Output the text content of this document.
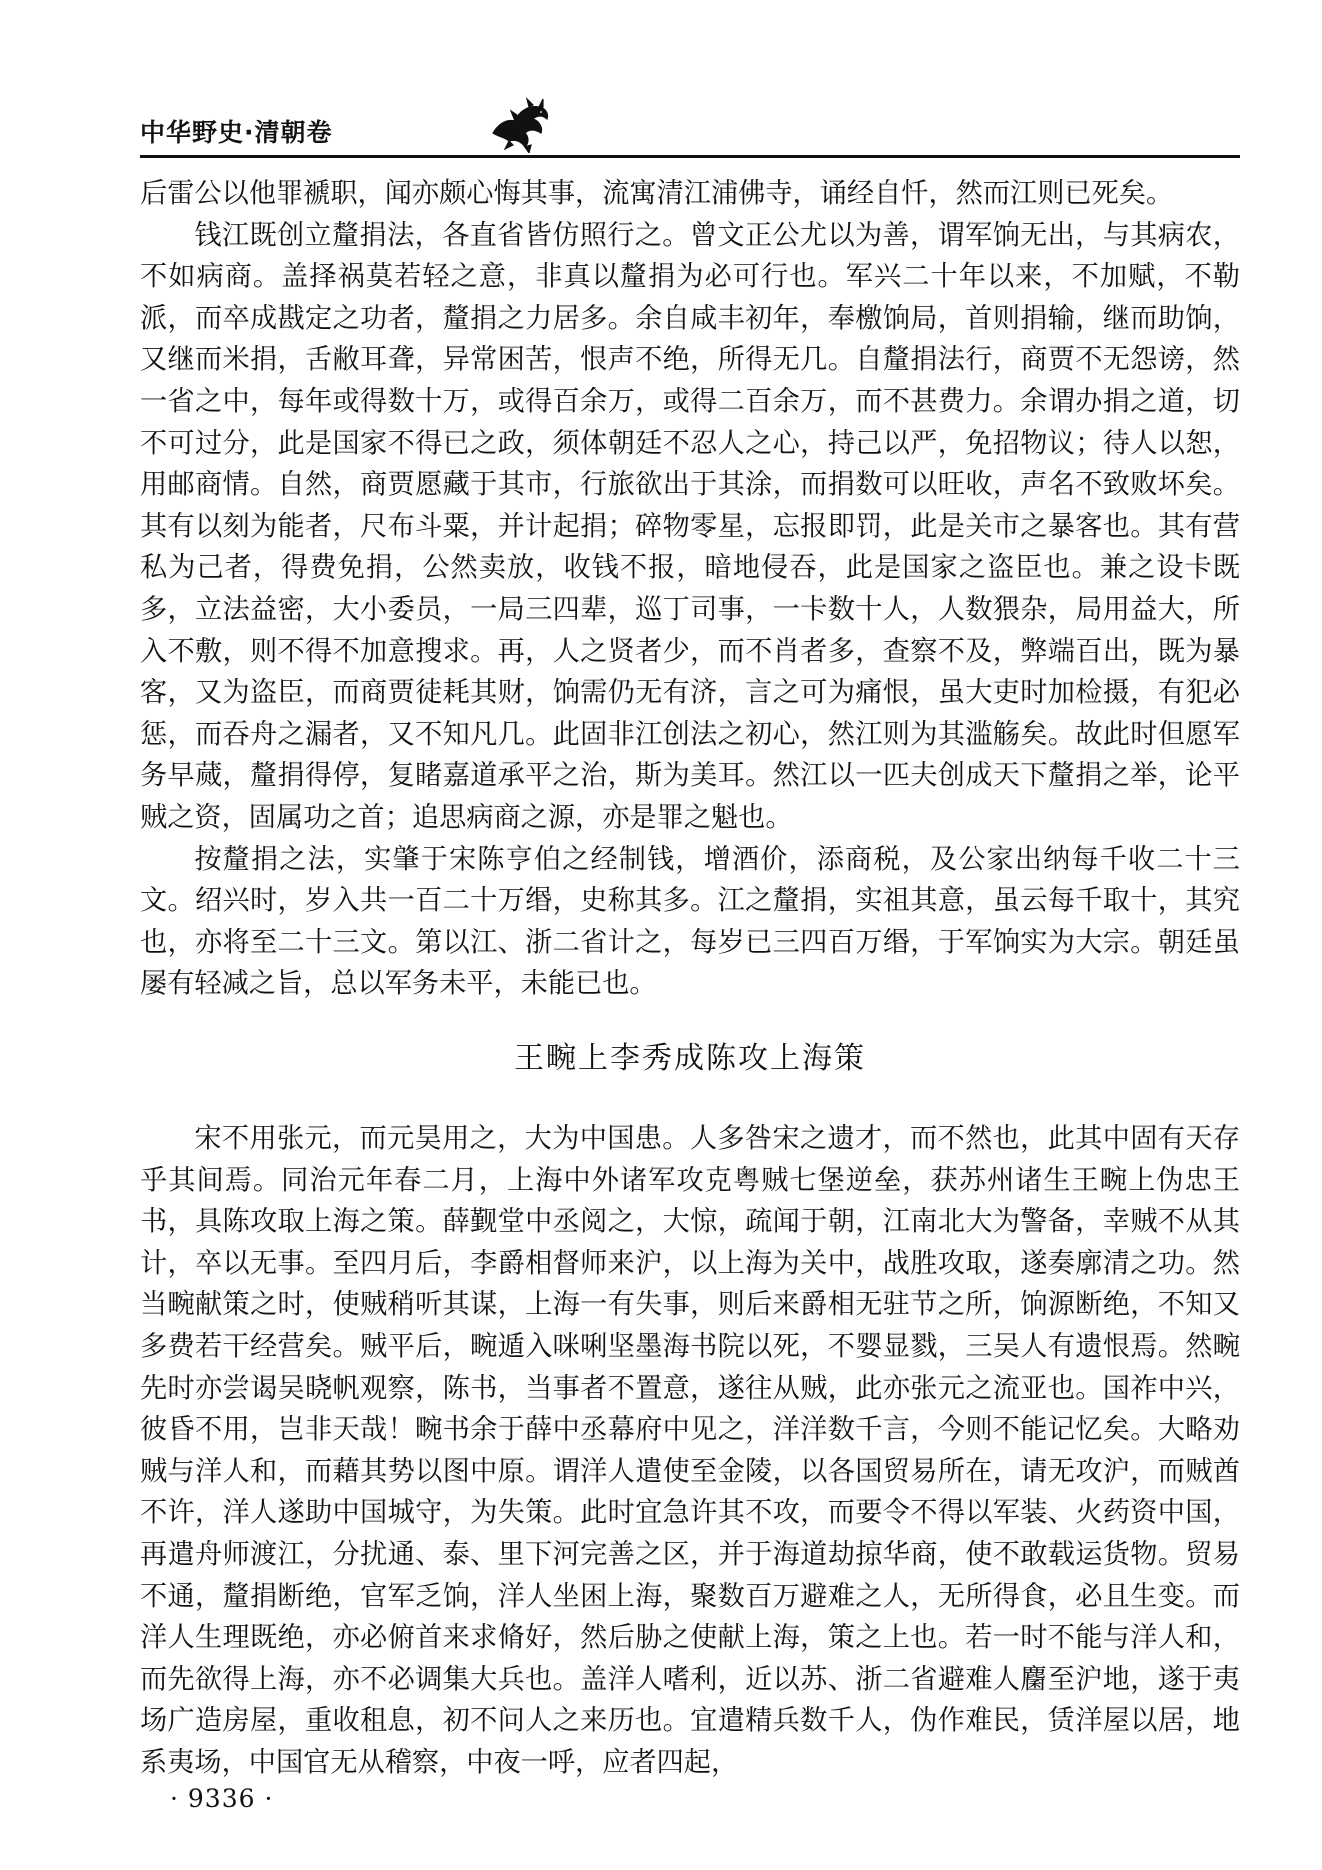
中华野史·清朝卷

后雷公以他罪褫职，闻亦颇心悔其事，流寓清江浦佛寺，诵经自忏，然而江则已死矣。

钱江既创立釐捐法，各直省皆仿照行之。曾文正公尤以为善，谓军饷无出，与其病农，不如病商。盖择祸莫若轻之意，非真以釐捐为必可行也。军兴二十年以来，不加赋，不勒派，而卒成戡定之功者，釐捐之力居多。余自咸丰初年，奉檄饷局，首则捐输，继而助饷，又继而米捐，舌敝耳聋，异常困苦，恨声不绝，所得无几。自釐捐法行，商贾不无怨谤，然一省之中，每年或得数十万，或得百余万，或得二百余万，而不甚费力。余谓办捐之道，切不可过分，此是国家不得已之政，须体朝廷不忍人之心，持己以严，免招物议；待人以恕，用邮商情。自然，商贾愿藏于其市，行旅欲出于其涂，而捐数可以旺收，声名不致败坏矣。其有以刻为能者，尺布斗粟，并计起捐；碎物零星，忘报即罚，此是关市之暴客也。其有营私为己者，得费免捐，公然卖放，收钱不报，暗地侵吞，此是国家之盗臣也。兼之设卡既多，立法益密，大小委员，一局三四辈，巡丁司事，一卡数十人，人数猥杂，局用益大，所入不敷，则不得不加意搜求。再，人之贤者少，而不肖者多，查察不及，弊端百出，既为暴客，又为盗臣，而商贾徒耗其财，饷需仍无有济，言之可为痛恨，虽大吏时加检摄，有犯必惩，而吞舟之漏者，又不知凡几。此固非江创法之初心，然江则为其滥觞矣。故此时但愿军务早蒇，釐捐得停，复睹嘉道承平之治，斯为美耳。然江以一匹夫创成天下釐捐之举，论平贼之资，固属功之首；追思病商之源，亦是罪之魁也。

按釐捐之法，实肇于宋陈亨伯之经制钱，增酒价，添商税，及公家出纳每千收二十三文。绍兴时，岁入共一百二十万缗，史称其多。江之釐捐，实祖其意，虽云每千取十，其究也，亦将至二十三文。第以江、浙二省计之，每岁已三四百万缗，于军饷实为大宗。朝廷虽屡有轻减之旨，总以军务未平，未能已也。

王畹上李秀成陈攻上海策

宋不用张元，而元昊用之，大为中国患。人多咎宋之遗才，而不然也，此其中固有天存乎其间焉。同治元年春二月，上海中外诸军攻克粤贼七堡逆垒，获苏州诸生王畹上伪忠王书，具陈攻取上海之策。薛觐堂中丞阅之，大惊，疏闻于朝，江南北大为警备，幸贼不从其计，卒以无事。至四月后，李爵相督师来沪，以上海为关中，战胜攻取，遂奏廓清之功。然当畹献策之时，使贼稍听其谋，上海一有失事，则后来爵相无驻节之所，饷源断绝，不知又多费若干经营矣。贼平后，畹遁入咪唎坚墨海书院以死，不婴显戮，三吴人有遗恨焉。然畹先时亦尝谒吴晓帆观察，陈书，当事者不置意，遂往从贼，此亦张元之流亚也。国祚中兴，彼昏不用，岂非天哉！畹书余于薛中丞幕府中见之，洋洋数千言，今则不能记忆矣。大略劝贼与洋人和，而藉其势以图中原。谓洋人遣使至金陵，以各国贸易所在，请无攻沪，而贼酋不许，洋人遂助中国城守，为失策。此时宜急许其不攻，而要令不得以军装、火药资中国，再遣舟师渡江，分扰通、泰、里下河完善之区，并于海道劫掠华商，使不敢载运货物。贸易不通，釐捐断绝，官军乏饷，洋人坐困上海，聚数百万避难之人，无所得食，必且生变。而洋人生理既绝，亦必俯首来求脩好，然后胁之使献上海，策之上也。若一时不能与洋人和，而先欲得上海，亦不必调集大兵也。盖洋人嗜利，近以苏、浙二省避难人麕至沪地，遂于夷场广造房屋，重收租息，初不问人之来历也。宜遣精兵数千人，伪作难民，赁洋屋以居，地系夷场，中国官无从稽察，中夜一呼，应者四起，

· 9336 ·
